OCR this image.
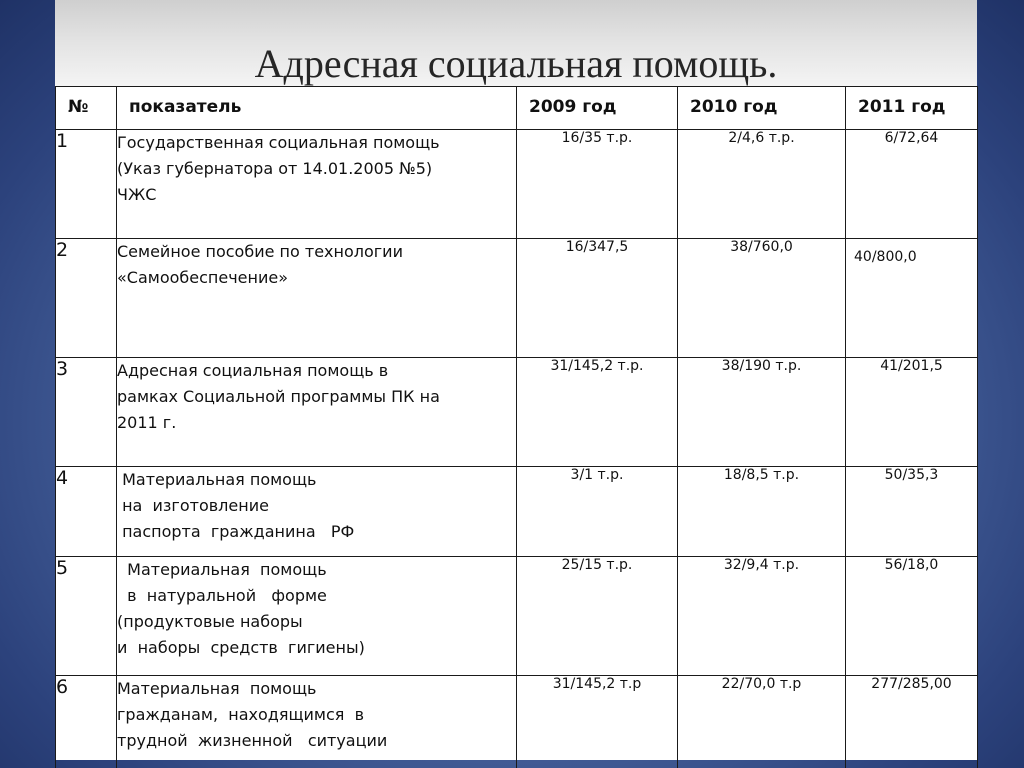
Адресная социальная помощь.
№	показатель	2009 год	2010 год	2011 год
1	Государственная социальная помощь
(Указ губернатора от 14.01.2005 №5)
ЧЖС	16/35 т.р.	2/4,6 т.р.	6/72,64
2	Семейное пособие по технологии
«Самообеспечение»	16/347,5	38/760,0	40/800,0
3	Адресная социальная помощь в
рамках Социальной программы ПК на
2011 г.	31/145,2 т.р.	38/190 т.р.	41/201,5
4	Материальная помощь
на  изготовление
паспорта  гражданина   РФ	3/1 т.р.	18/8,5 т.р.	50/35,3
5	Материальная  помощь
в  натуральной   форме
(продуктовые наборы
и  наборы  средств  гигиены)	25/15 т.р.	32/9,4 т.р.	56/18,0
6	Материальная  помощь
гражданам,  находящимся  в
трудной  жизненной   ситуации	31/145,2 т.р	22/70,0 т.р	277/285,00
